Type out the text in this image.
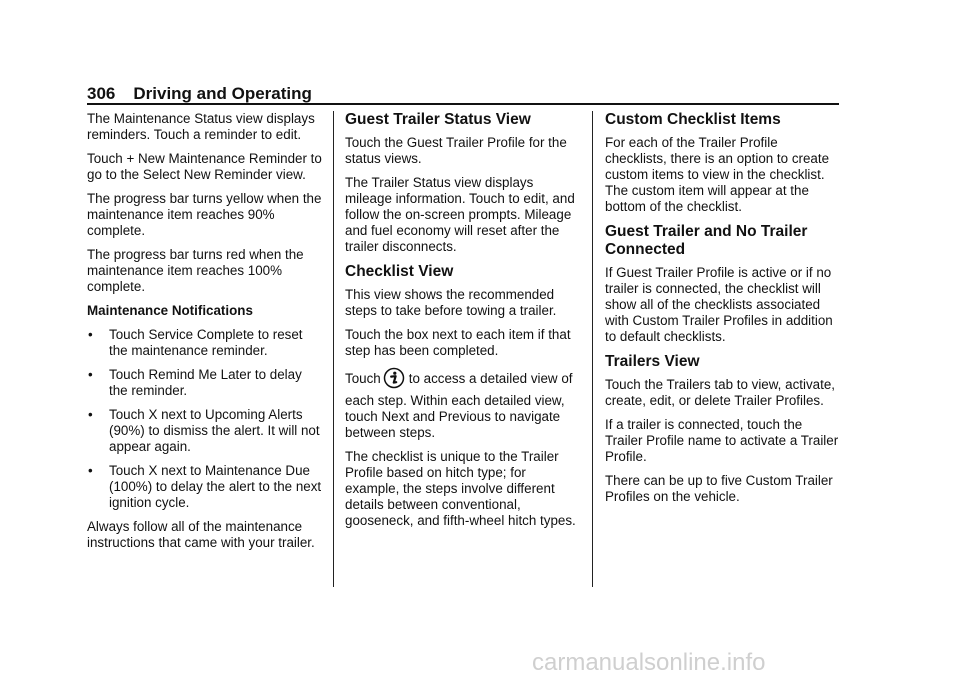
306 Driving and Operating

The Maintenance Status view displays reminders. Touch a reminder to edit.

Touch + New Maintenance Reminder to go to the Select New Reminder view.

The progress bar turns yellow when the maintenance item reaches 90% complete.

The progress bar turns red when the maintenance item reaches 100% complete.

Maintenance Notifications
• Touch Service Complete to reset the maintenance reminder.
• Touch Remind Me Later to delay the reminder.
• Touch X next to Upcoming Alerts (90%) to dismiss the alert. It will not appear again.
• Touch X next to Maintenance Due (100%) to delay the alert to the next ignition cycle.

Always follow all of the maintenance instructions that came with your trailer.

Guest Trailer Status View

Touch the Guest Trailer Profile for the status views.

The Trailer Status view displays mileage information. Touch to edit, and follow the on-screen prompts. Mileage and fuel economy will reset after the trailer disconnects.

Checklist View

This view shows the recommended steps to take before towing a trailer.

Touch the box next to each item if that step has been completed.

Touch to access a detailed view of each step. Within each detailed view, touch Next and Previous to navigate between steps.

The checklist is unique to the Trailer Profile based on hitch type; for example, the steps involve different details between conventional, gooseneck, and fifth-wheel hitch types.

Custom Checklist Items

For each of the Trailer Profile checklists, there is an option to create custom items to view in the checklist. The custom item will appear at the bottom of the checklist.

Guest Trailer and No Trailer Connected

If Guest Trailer Profile is active or if no trailer is connected, the checklist will show all of the checklists associated with Custom Trailer Profiles in addition to default checklists.

Trailers View

Touch the Trailers tab to view, activate, create, edit, or delete Trailer Profiles.

If a trailer is connected, touch the Trailer Profile name to activate a Trailer Profile.

There can be up to five Custom Trailer Profiles on the vehicle.

carmanualsonline.info
